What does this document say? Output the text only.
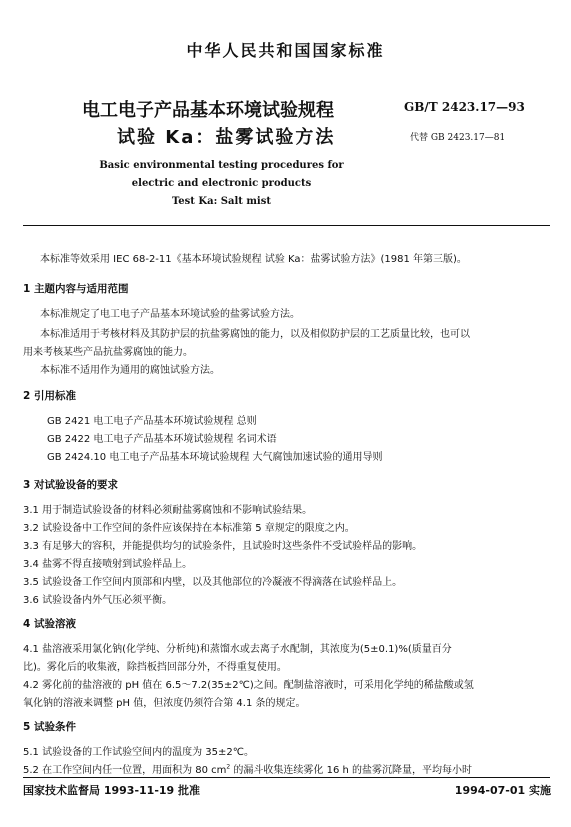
中华人民共和国国家标准
电工电子产品基本环境试验规程
试验 Ka：盐雾试验方法
GB/T 2423.17—93
代替 GB 2423.17—81
Basic environmental testing procedures for
electric and electronic products
Test Ka: Salt mist
本标准等效采用 IEC 68-2-11《基本环境试验规程 试验 Ka：盐雾试验方法》(1981 年第三版)。
1 主题内容与适用范围
本标准规定了电工电子产品基本环境试验的盐雾试验方法。
本标准适用于考核材料及其防护层的抗盐雾腐蚀的能力，以及相似防护层的工艺质量比较，也可以
用来考核某些产品抗盐雾腐蚀的能力。
本标准不适用作为通用的腐蚀试验方法。
2 引用标准
GB 2421 电工电子产品基本环境试验规程 总则
GB 2422 电工电子产品基本环境试验规程 名词术语
GB 2424.10 电工电子产品基本环境试验规程 大气腐蚀加速试验的通用导则
3 对试验设备的要求
3.1 用于制造试验设备的材料必须耐盐雾腐蚀和不影响试验结果。
3.2 试验设备中工作空间的条件应该保持在本标准第 5 章规定的限度之内。
3.3 有足够大的容积，并能提供均匀的试验条件，且试验时这些条件不受试验样品的影响。
3.4 盐雾不得直接喷射到试验样品上。
3.5 试验设备工作空间内顶部和内壁，以及其他部位的冷凝液不得滴落在试验样品上。
3.6 试验设备内外气压必须平衡。
4 试验溶液
4.1 盐溶液采用氯化钠(化学纯、分析纯)和蒸馏水或去离子水配制，其浓度为(5±0.1)%(质量百分
比)。雾化后的收集液，除挡板挡回部分外，不得重复使用。
4.2 雾化前的盐溶液的 pH 值在 6.5～7.2(35±2℃)之间。配制盐溶液时，可采用化学纯的稀盐酸或氢
氧化钠的溶液来调整 pH 值，但浓度仍须符合第 4.1 条的规定。
5 试验条件
5.1 试验设备的工作试验空间内的温度为 35±2℃。
5.2 在工作空间内任一位置，用面积为 80 $cm^2$ 的漏斗收集连续雾化 16 h 的盐雾沉降量，平均每小时
国家技术监督局 1993-11-19 批准	1994-07-01 实施
